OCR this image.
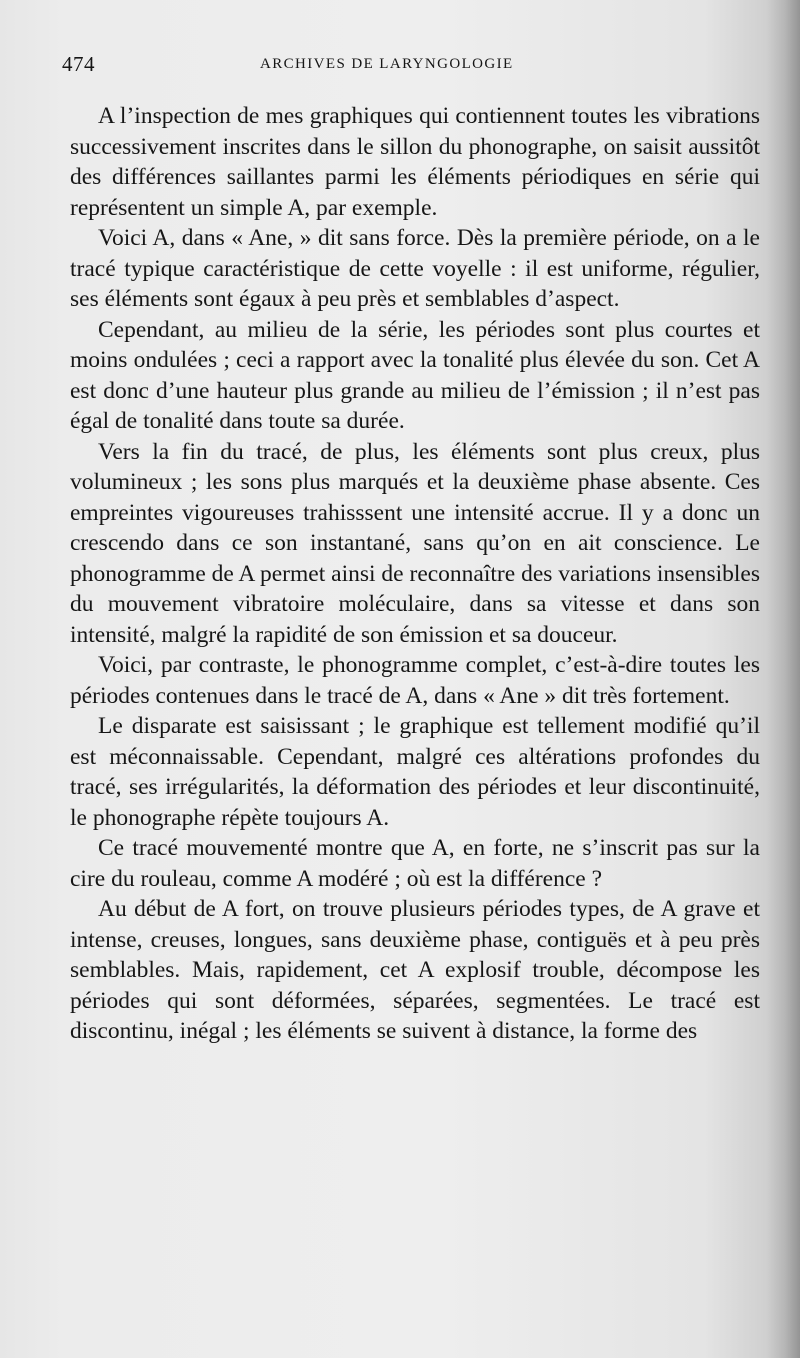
474	ARCHIVES DE LARYNGOLOGIE

A l’inspection de mes graphiques qui contiennent toutes les vibrations successivement inscrites dans le sillon du phonographe, on saisit aussitôt des différences saillantes parmi les éléments périodiques en série qui représentent un simple A, par exemple.

Voici A, dans « Ane, » dit sans force. Dès la première période, on a le tracé typique caractéristique de cette voyelle : il est uniforme, régulier, ses éléments sont égaux à peu près et semblables d’aspect.

Cependant, au milieu de la série, les périodes sont plus courtes et moins ondulées ; ceci a rapport avec la tonalité plus élevée du son. Cet A est donc d’une hauteur plus grande au milieu de l’émission ; il n’est pas égal de tonalité dans toute sa durée.

Vers la fin du tracé, de plus, les éléments sont plus creux, plus volumineux ; les sons plus marqués et la deuxième phase absente. Ces empreintes vigoureuses trahisssent une intensité accrue. Il y a donc un crescendo dans ce son instantané, sans qu’on en ait conscience. Le phonogramme de A permet ainsi de reconnaître des variations insensibles du mouvement vibratoire moléculaire, dans sa vitesse et dans son intensité, malgré la rapidité de son émission et sa douceur.

Voici, par contraste, le phonogramme complet, c’est-à-dire toutes les périodes contenues dans le tracé de A, dans « Ane » dit très fortement.

Le disparate est saisissant ; le graphique est tellement modifié qu’il est méconnaissable. Cependant, malgré ces altérations profondes du tracé, ses irrégularités, la déformation des périodes et leur discontinuité, le phonographe répète toujours A.

Ce tracé mouvementé montre que A, en forte, ne s’inscrit pas sur la cire du rouleau, comme A modéré ; où est la différence ?

Au début de A fort, on trouve plusieurs périodes types, de A grave et intense, creuses, longues, sans deuxième phase, contiguës et à peu près semblables. Mais, rapidement, cet A explosif trouble, décompose les périodes qui sont déformées, séparées, segmentées. Le tracé est discontinu, inégal ; les éléments se suivent à distance, la forme des
